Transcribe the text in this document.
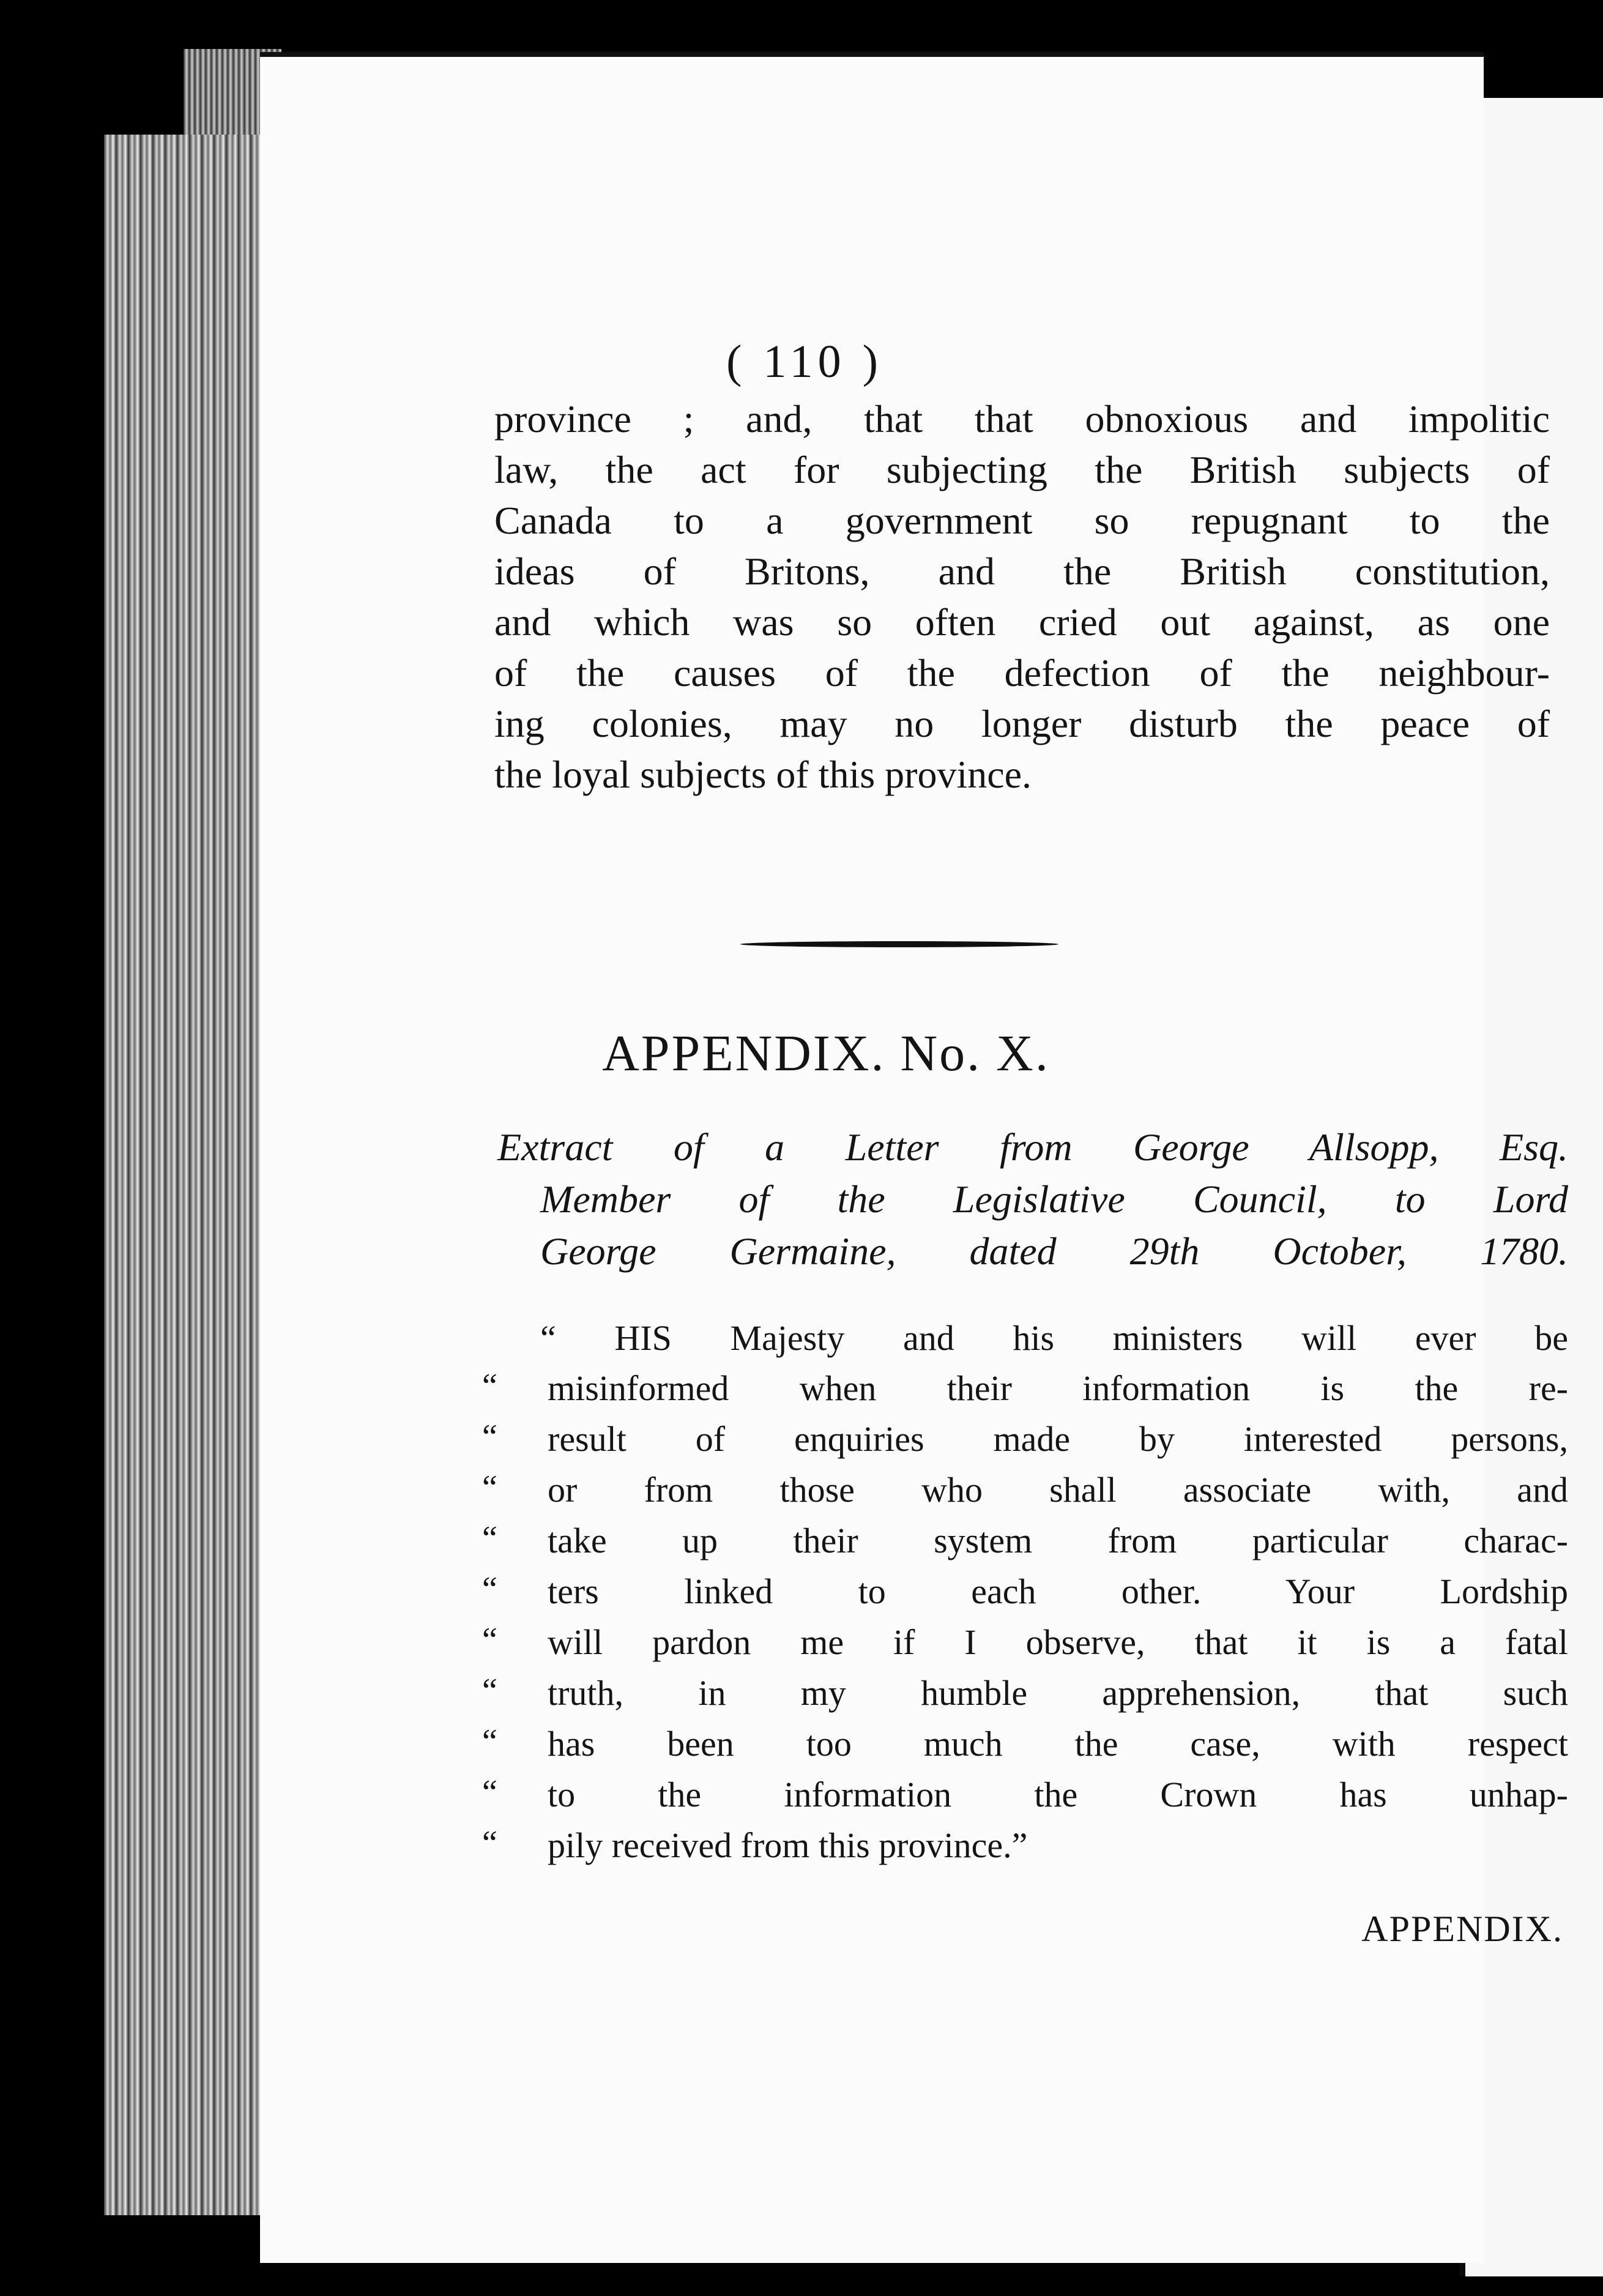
( 110 )
province ; and, that that obnoxious and impolitic
law, the act for subjecting the British subjects of
Canada to a government so repugnant to the
ideas of Britons, and the British constitution,
and which was so often cried out against, as one
of the causes of the defection of the neighbour-
ing colonies, may no longer disturb the peace of
the loyal subjects of this province.
APPENDIX. No. X.
Extract of a Letter from George Allsopp, Esq.
Member of the Legislative Council, to Lord
George Germaine, dated 29th October, 1780.
“ HIS Majesty and his ministers will ever be
“ misinformed when their information is the re-
“ result of enquiries made by interested persons,
“ or from those who shall associate with, and
“ take up their system from particular charac-
“ ters linked to each other. Your Lordship
“ will pardon me if I observe, that it is a fatal
“ truth, in my humble apprehension, that such
“ has been too much the case, with respect
“ to the information the Crown has unhap-
“ pily received from this province.”
APPENDIX.
